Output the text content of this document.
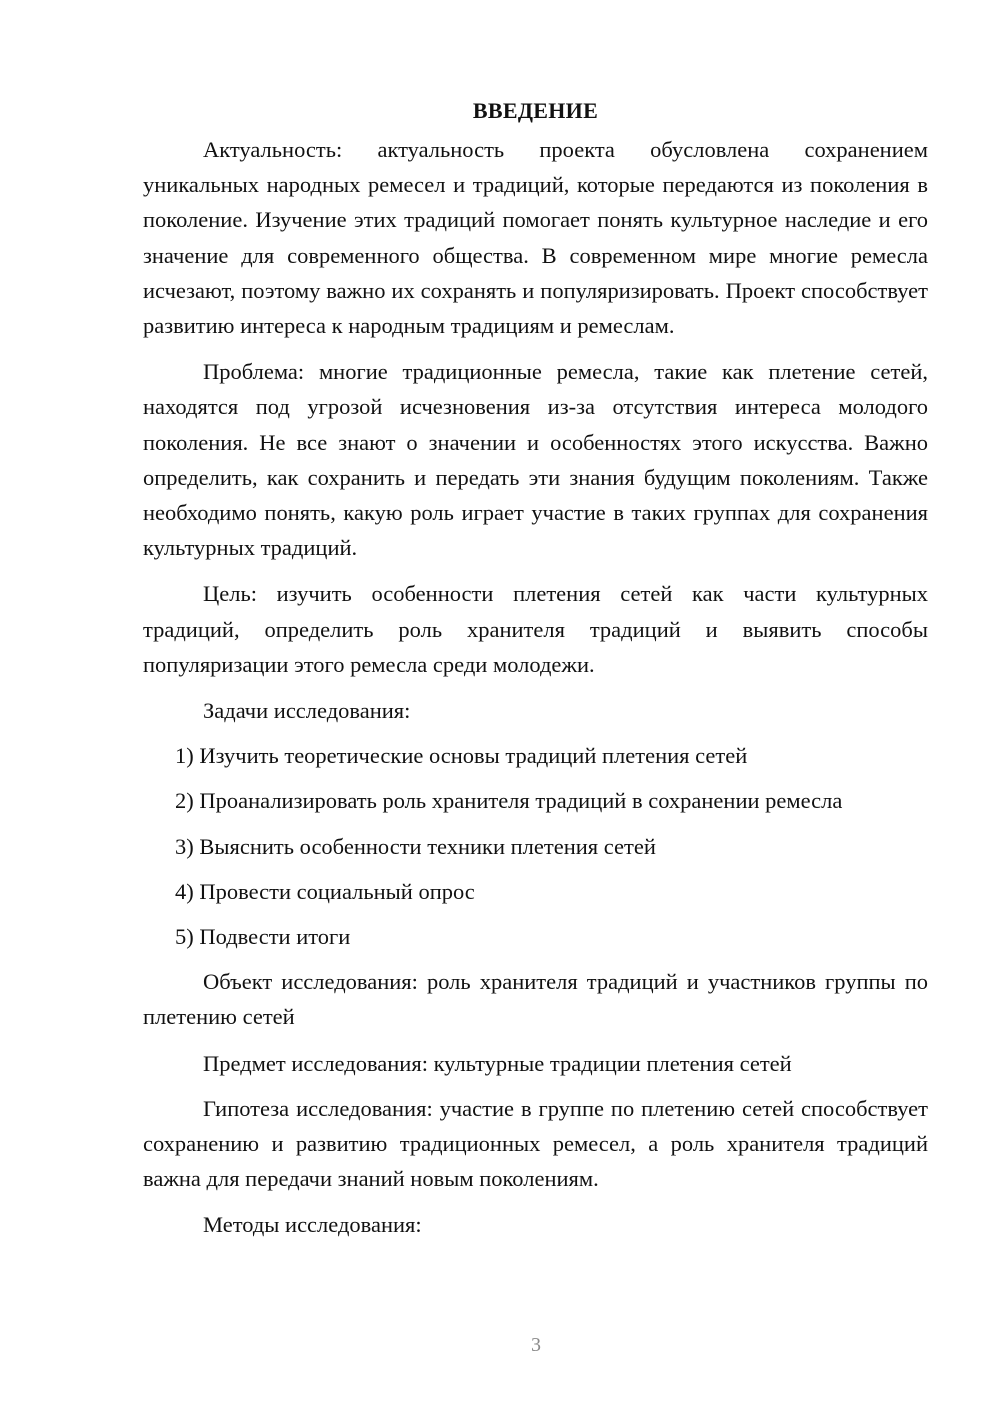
ВВЕДЕНИЕ

Актуальность: актуальность проекта обусловлена сохранением уникальных народных ремесел и традиций, которые передаются из поколения в поколение. Изучение этих традиций помогает понять культурное наследие и его значение для современного общества. В современном мире многие ремесла исчезают, поэтому важно их сохранять и популяризировать. Проект способствует развитию интереса к народным традициям и ремеслам.

Проблема: многие традиционные ремесла, такие как плетение сетей, находятся под угрозой исчезновения из-за отсутствия интереса молодого поколения. Не все знают о значении и особенностях этого искусства. Важно определить, как сохранить и передать эти знания будущим поколениям. Также необходимо понять, какую роль играет участие в таких группах для сохранения культурных традиций.

Цель: изучить особенности плетения сетей как части культурных традиций, определить роль хранителя традиций и выявить способы популяризации этого ремесла среди молодежи.

Задачи исследования:

1) Изучить теоретические основы традиций плетения сетей
2) Проанализировать роль хранителя традиций в сохранении ремесла
3) Выяснить особенности техники плетения сетей
4) Провести социальный опрос
5) Подвести итоги

Объект исследования: роль хранителя традиций и участников группы по плетению сетей

Предмет исследования: культурные традиции плетения сетей

Гипотеза исследования: участие в группе по плетению сетей способствует сохранению и развитию традиционных ремесел, а роль хранителя традиций важна для передачи знаний новым поколениям.

Методы исследования:

3
